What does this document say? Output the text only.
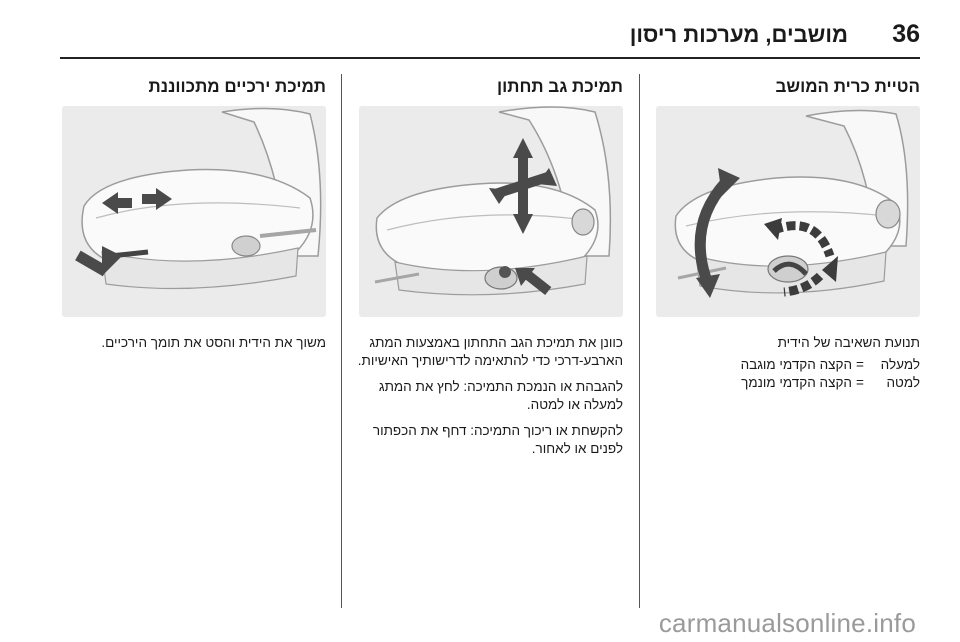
36
מושבים, מערכות ריסון
הטיית כרית המושב

תנועת השאיבה של הידית

למעלה
=
הקצה הקדמי מוגבה
למטה
=
הקצה הקדמי מונמך
תמיכת גב תחתון

כוונן את תמיכת הגב התחתון באמצעות המתג הארבע-דרכי כדי להתאימה לדרישותיך האישיות.

להגבהת או הנמכת התמיכה: לחץ את המתג למעלה או למטה.

להקשחת או ריכוך התמיכה: דחף את הכפתור לפנים או לאחור.

תמיכת ירכיים מתכווננת

משוך את הידית והסט את תומך הירכיים.

carmanualsonline.info
